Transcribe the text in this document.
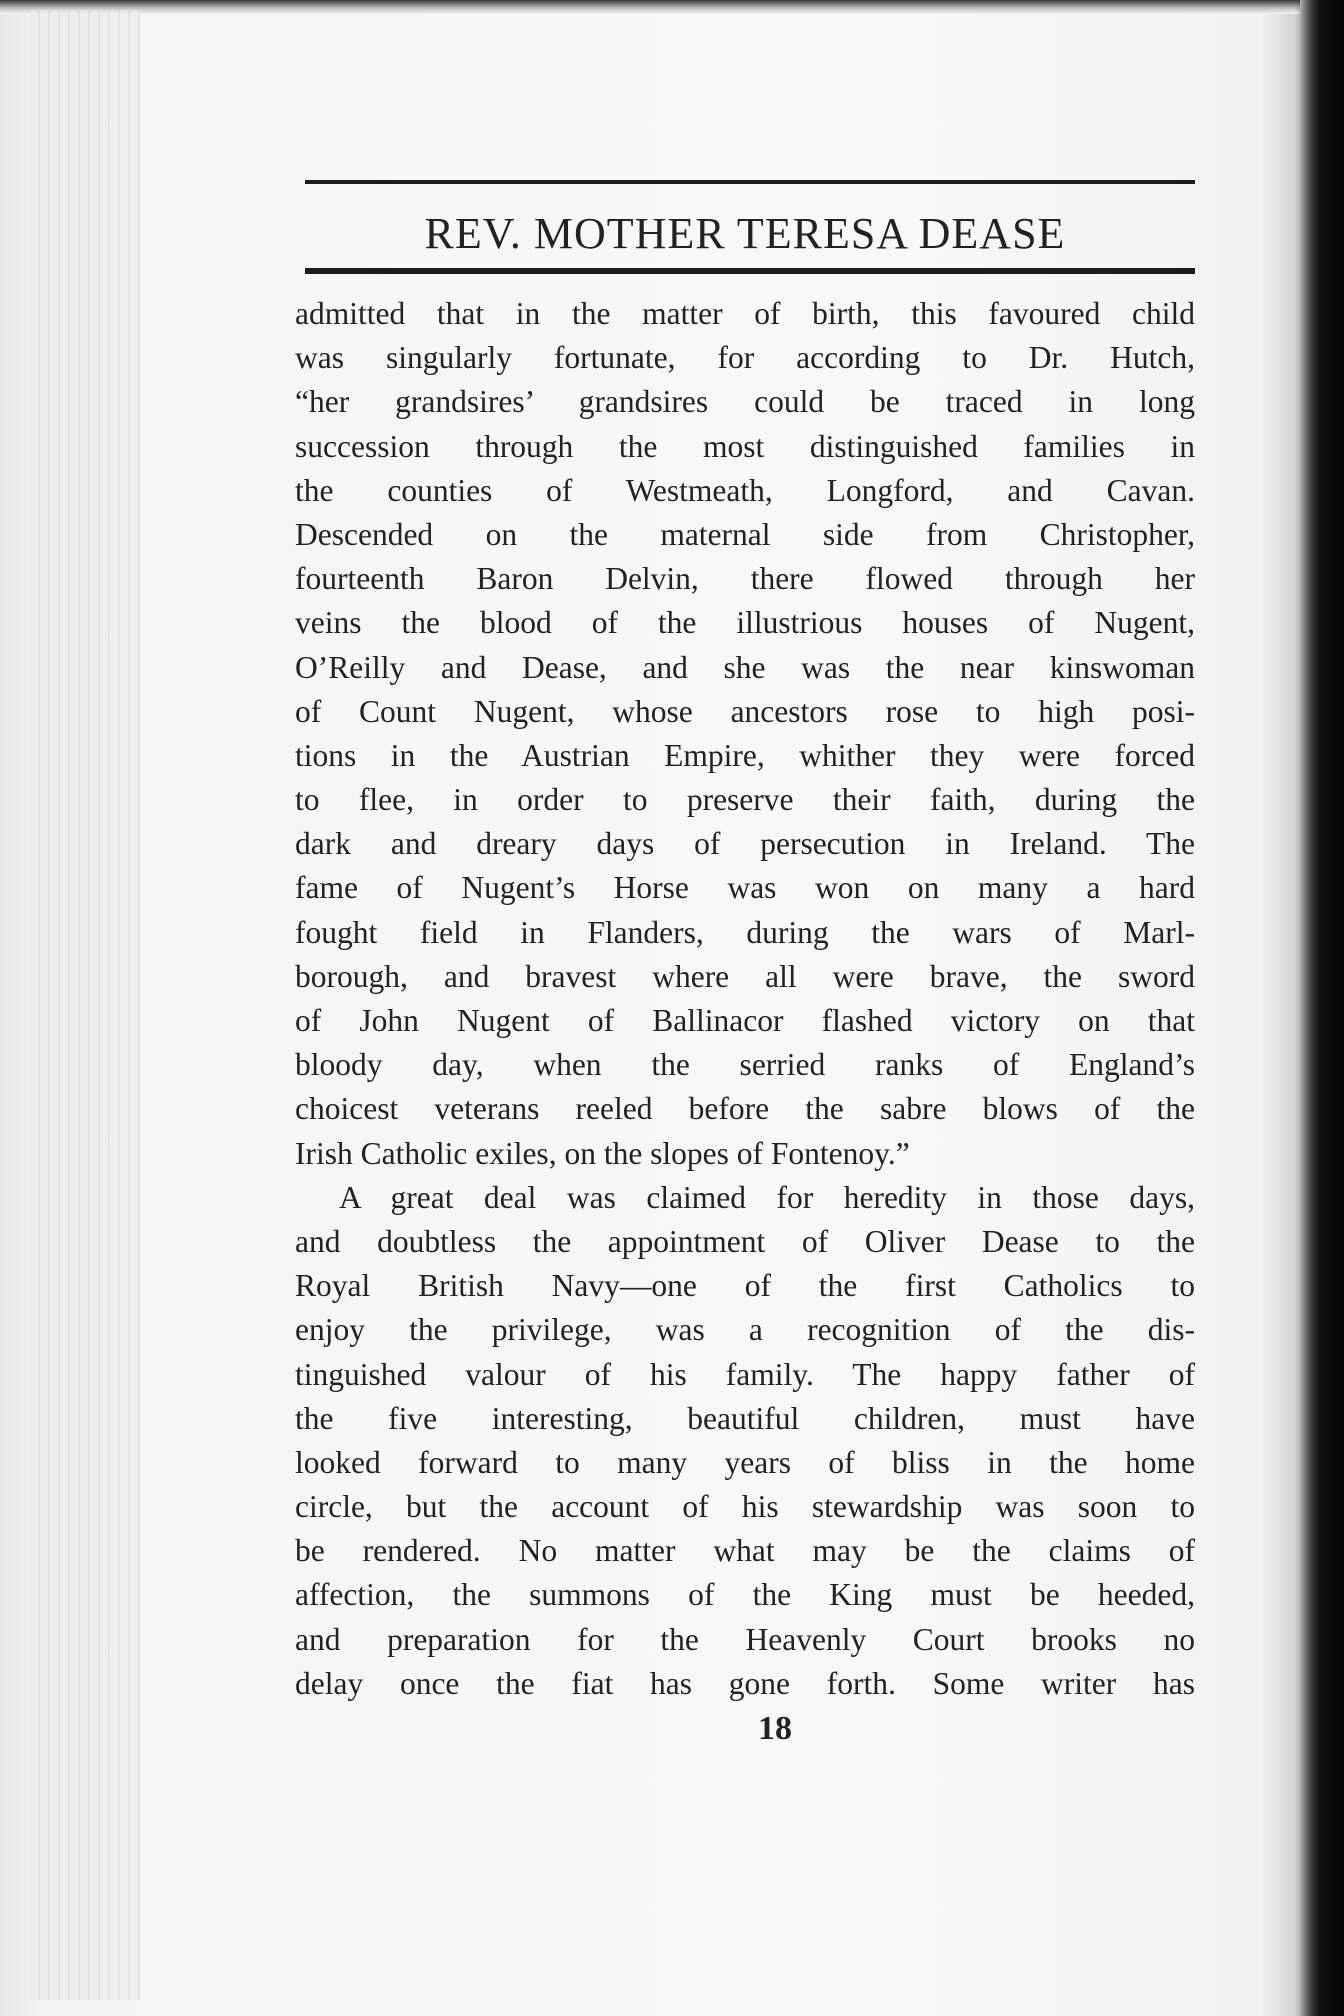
REV. MOTHER TERESA DEASE
admitted that in the matter of birth, this favoured child
was singularly fortunate, for according to Dr. Hutch,
“her grandsires’ grandsires could be traced in long
succession through the most distinguished families in
the counties of Westmeath, Longford, and Cavan.
Descended on the maternal side from Christopher,
fourteenth Baron Delvin, there flowed through her
veins the blood of the illustrious houses of Nugent,
O’Reilly and Dease, and she was the near kinswoman
of Count Nugent, whose ancestors rose to high posi-
tions in the Austrian Empire, whither they were forced
to flee, in order to preserve their faith, during the
dark and dreary days of persecution in Ireland. The
fame of Nugent’s Horse was won on many a hard
fought field in Flanders, during the wars of Marl-
borough, and bravest where all were brave, the sword
of John Nugent of Ballinacor flashed victory on that
bloody day, when the serried ranks of England’s
choicest veterans reeled before the sabre blows of the
Irish Catholic exiles, on the slopes of Fontenoy.”
A great deal was claimed for heredity in those days,
and doubtless the appointment of Oliver Dease to the
Royal British Navy—one of the first Catholics to
enjoy the privilege, was a recognition of the dis-
tinguished valour of his family. The happy father of
the five interesting, beautiful children, must have
looked forward to many years of bliss in the home
circle, but the account of his stewardship was soon to
be rendered. No matter what may be the claims of
affection, the summons of the King must be heeded,
and preparation for the Heavenly Court brooks no
delay once the fiat has gone forth. Some writer has
18
